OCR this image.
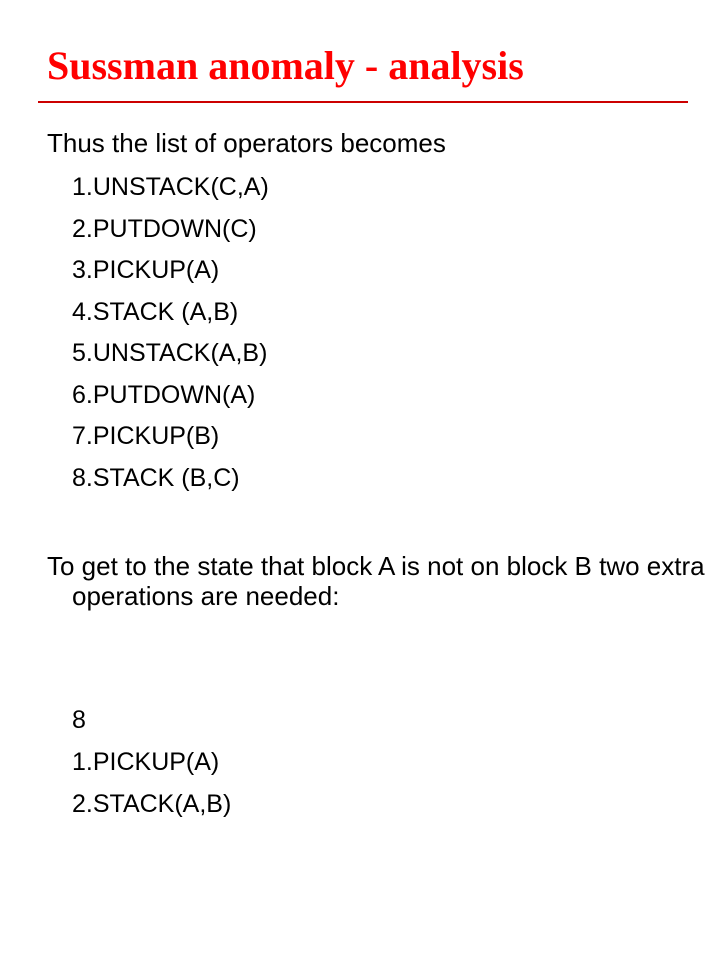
Sussman anomaly - analysis

Thus the list of operators becomes

1.UNSTACK(C,A)
2.PUTDOWN(C)
3.PICKUP(A)
4.STACK (A,B)
5.UNSTACK(A,B)
6.PUTDOWN(A)
7.PICKUP(B)
8.STACK (B,C)

To get to the state that block A is not on block B two extra operations are needed:

8

1.PICKUP(A)
2.STACK(A,B)
